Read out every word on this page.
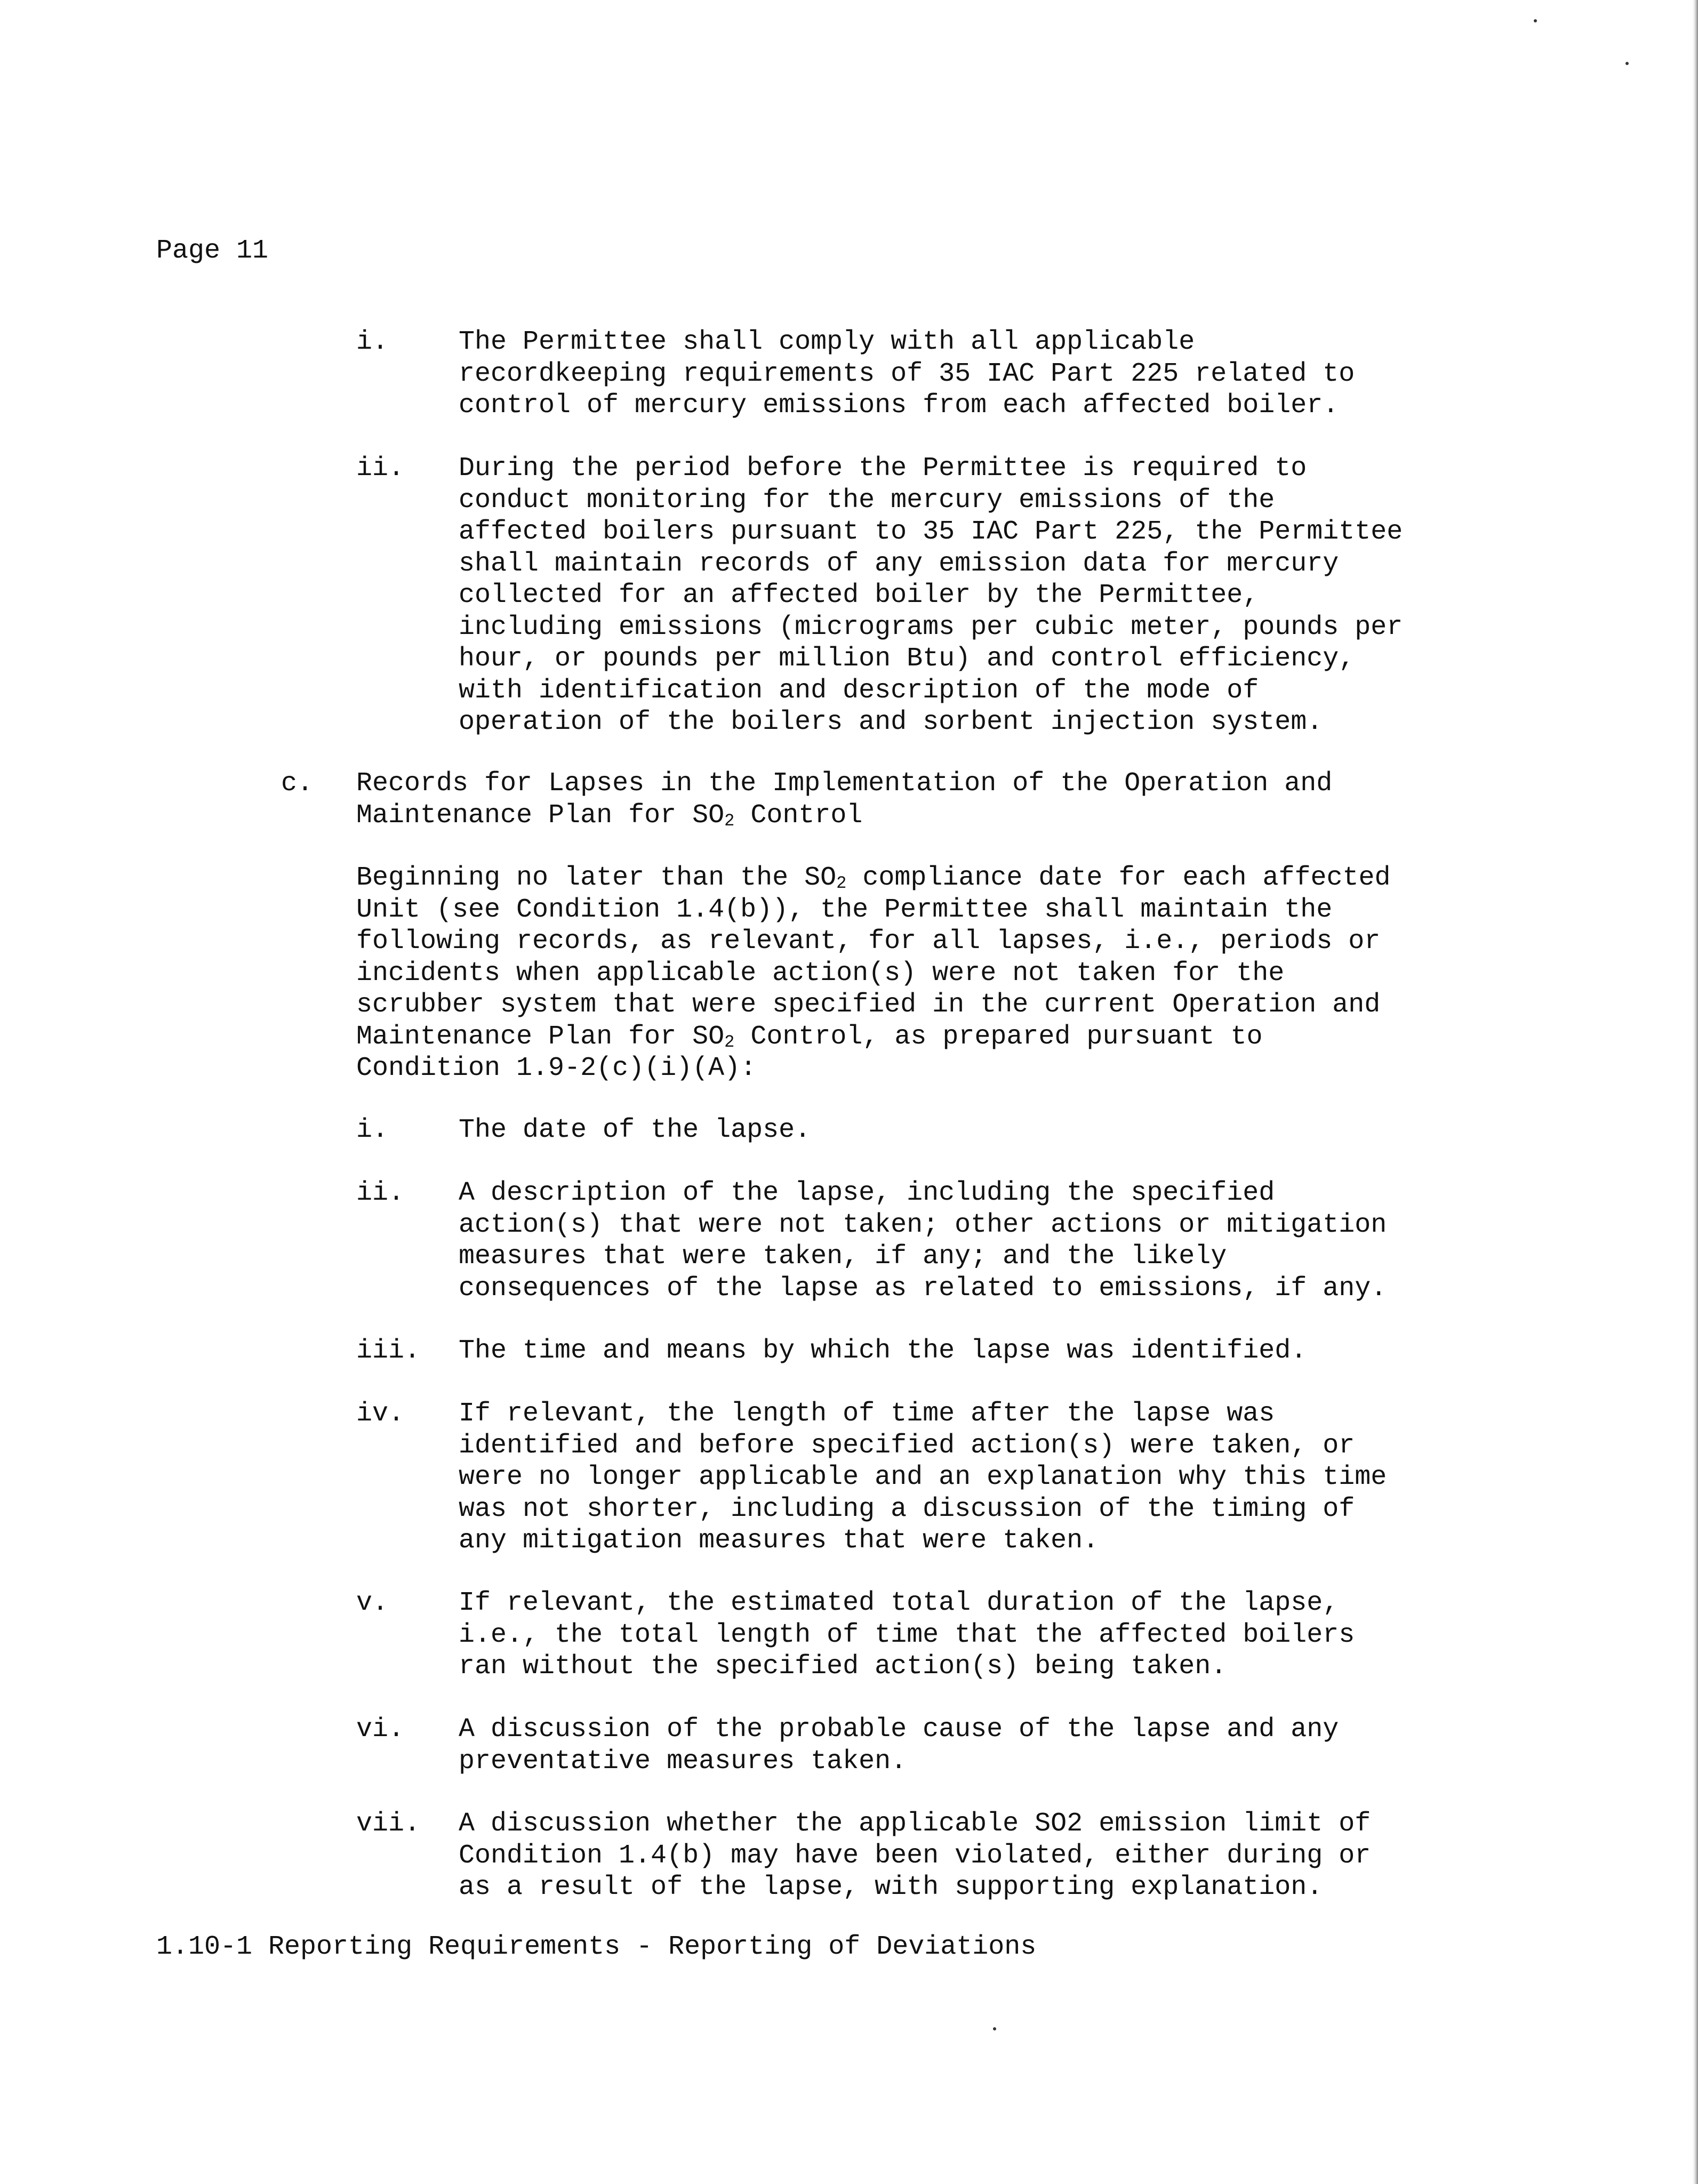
Page 11
i.	The Permittee shall comply with all applicable
recordkeeping requirements of 35 IAC Part 225 related to
control of mercury emissions from each affected boiler.
ii. During the period before the Permittee is required to
conduct monitoring for the mercury emissions of the
affected boilers pursuant to 35 IAC Part 225, the Permittee
shall maintain records of any emission data for mercury
collected for an affected boiler by the Permittee,
including emissions (micrograms per cubic meter, pounds per
hour, or pounds per million Btu) and control efficiency,
with identification and description of the mode of
operation of the boilers and sorbent injection system.
c. Records for Lapses in the Implementation of the Operation and
Maintenance Plan for $SO_2$ Control
Beginning no later than the $SO_2$ compliance date for each affected
Unit (see Condition 1.4(b)), the Permittee shall maintain the
following records, as relevant, for all lapses, i.e., periods or
incidents when applicable action(s) were not taken for the
scrubber system that were specified in the current Operation and
Maintenance Plan for $SO_2$ Control, as prepared pursuant to
Condition 1.9-2(c)(i)(A):
i.	The date of the lapse.
ii. A description of the lapse, including the specified
action(s) that were not taken; other actions or mitigation
measures that were taken, if any; and the likely
consequences of the lapse as related to emissions, if any.
iii. The time and means by which the lapse was identified.
iv. If relevant, the length of time after the lapse was
identified and before specified action(s) were taken, or
were no longer applicable and an explanation why this time
was not shorter, including a discussion of the timing of
any mitigation measures that were taken.
v.	If relevant, the estimated total duration of the lapse,
i.e., the total length of time that the affected boilers
ran without the specified action(s) being taken.
vi. A discussion of the probable cause of the lapse and any
preventative measures taken.
vii. A discussion whether the applicable SO2 emission limit of
Condition 1.4(b) may have been violated, either during or
as a result of the lapse, with supporting explanation.
1.10-1 Reporting Requirements - Reporting of Deviations
